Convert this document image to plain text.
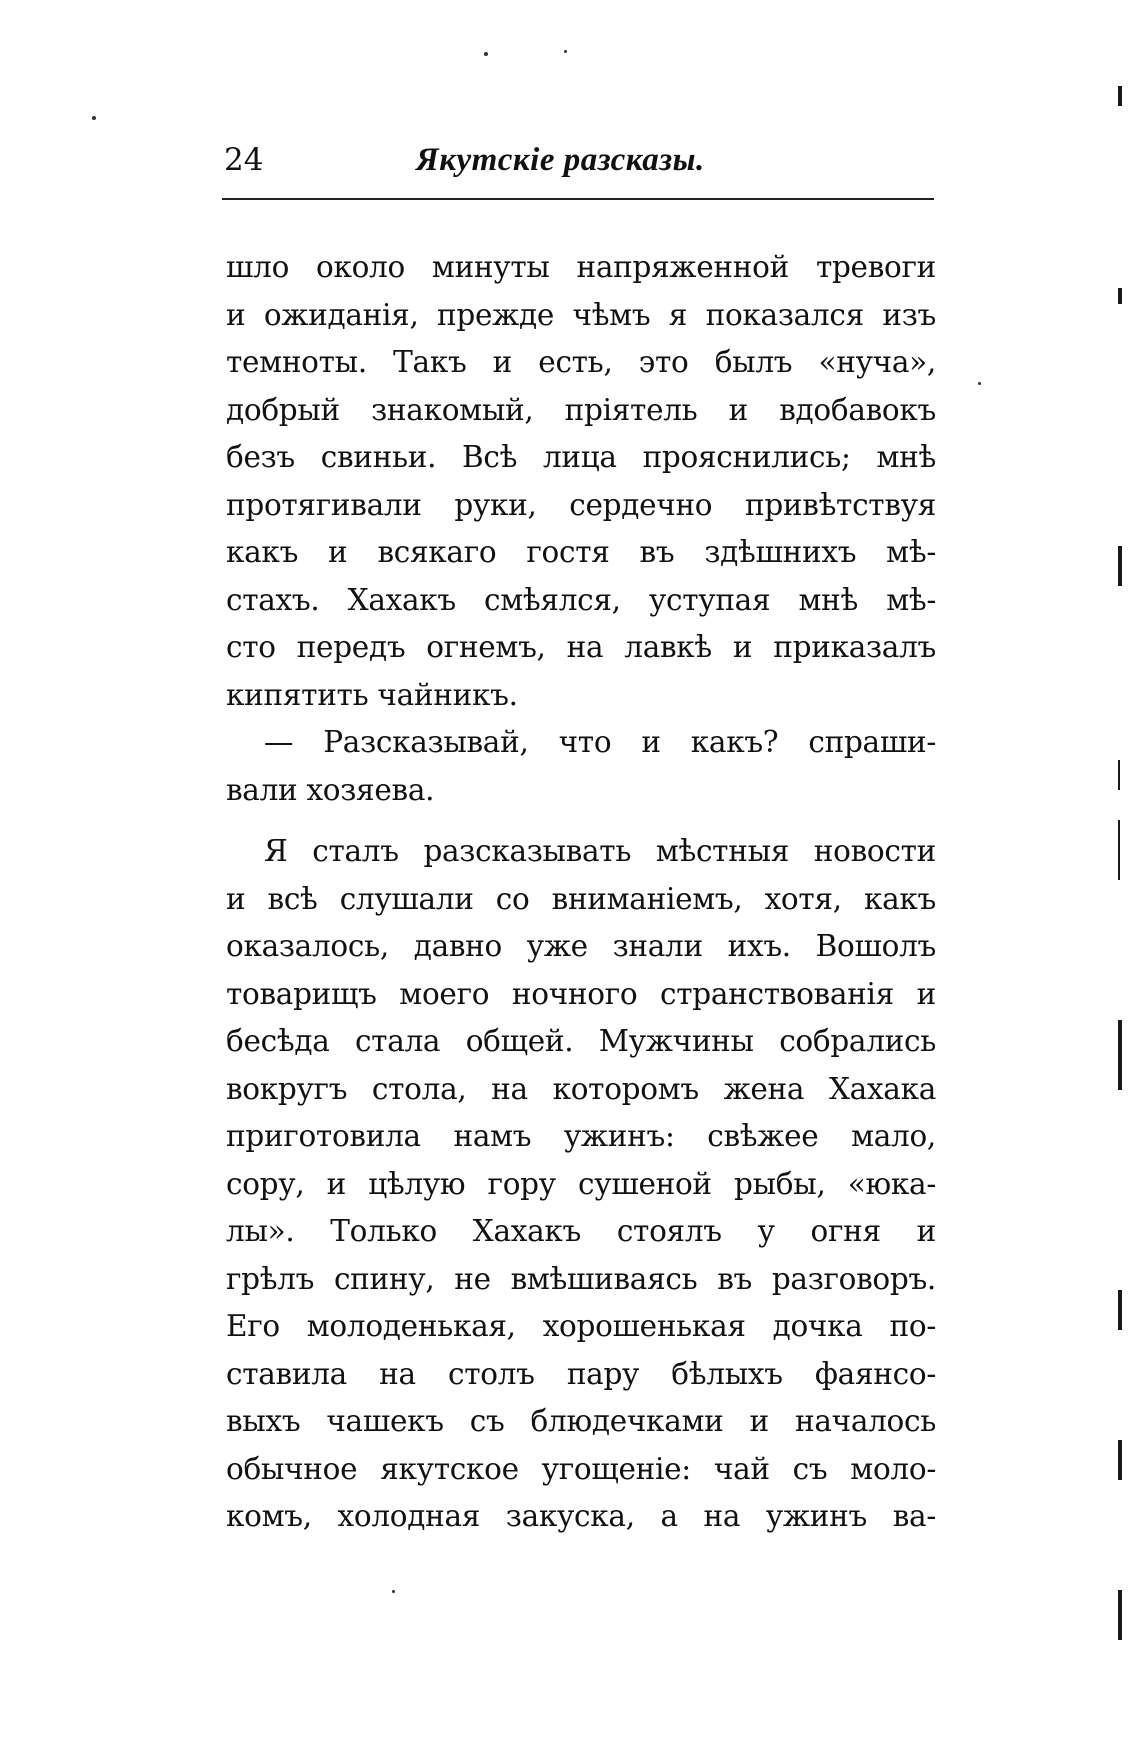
24	Якутскіе разсказы.
шло около минуты напряженной тревоги
и ожиданія, прежде чѣмъ я показался изъ
темноты. Такъ и есть, это былъ «нуча»,
добрый знакомый, пріятель и вдобавокъ
безъ свиньи. Всѣ лица прояснились; мнѣ
протягивали руки, сердечно привѣтствуя
какъ и всякаго гостя въ здѣшнихъ мѣ-
стахъ. Хахакъ смѣялся, уступая мнѣ мѣ-
сто передъ огнемъ, на лавкѣ и приказалъ
кипятить чайникъ.
— Разсказывай, что и какъ? спраши-
вали хозяева.
Я сталъ разсказывать мѣстныя новости
и всѣ слушали со вниманіемъ, хотя, какъ
оказалось, давно уже знали ихъ. Вошолъ
товарищъ моего ночного странствованія и
бесѣда стала общей. Мужчины собрались
вокругъ стола, на которомъ жена Хахака
приготовила намъ ужинъ: свѣжее мало,
сору, и цѣлую гору сушеной рыбы, «юка-
лы». Только Хахакъ стоялъ у огня и
грѣлъ спину, не вмѣшиваясь въ разговоръ.
Его молоденькая, хорошенькая дочка по-
ставила на столъ пару бѣлыхъ фаянсо-
выхъ чашекъ съ блюдечками и началось
обычное якутское угощеніе: чай съ моло-
комъ, холодная закуска, а на ужинъ ва-
